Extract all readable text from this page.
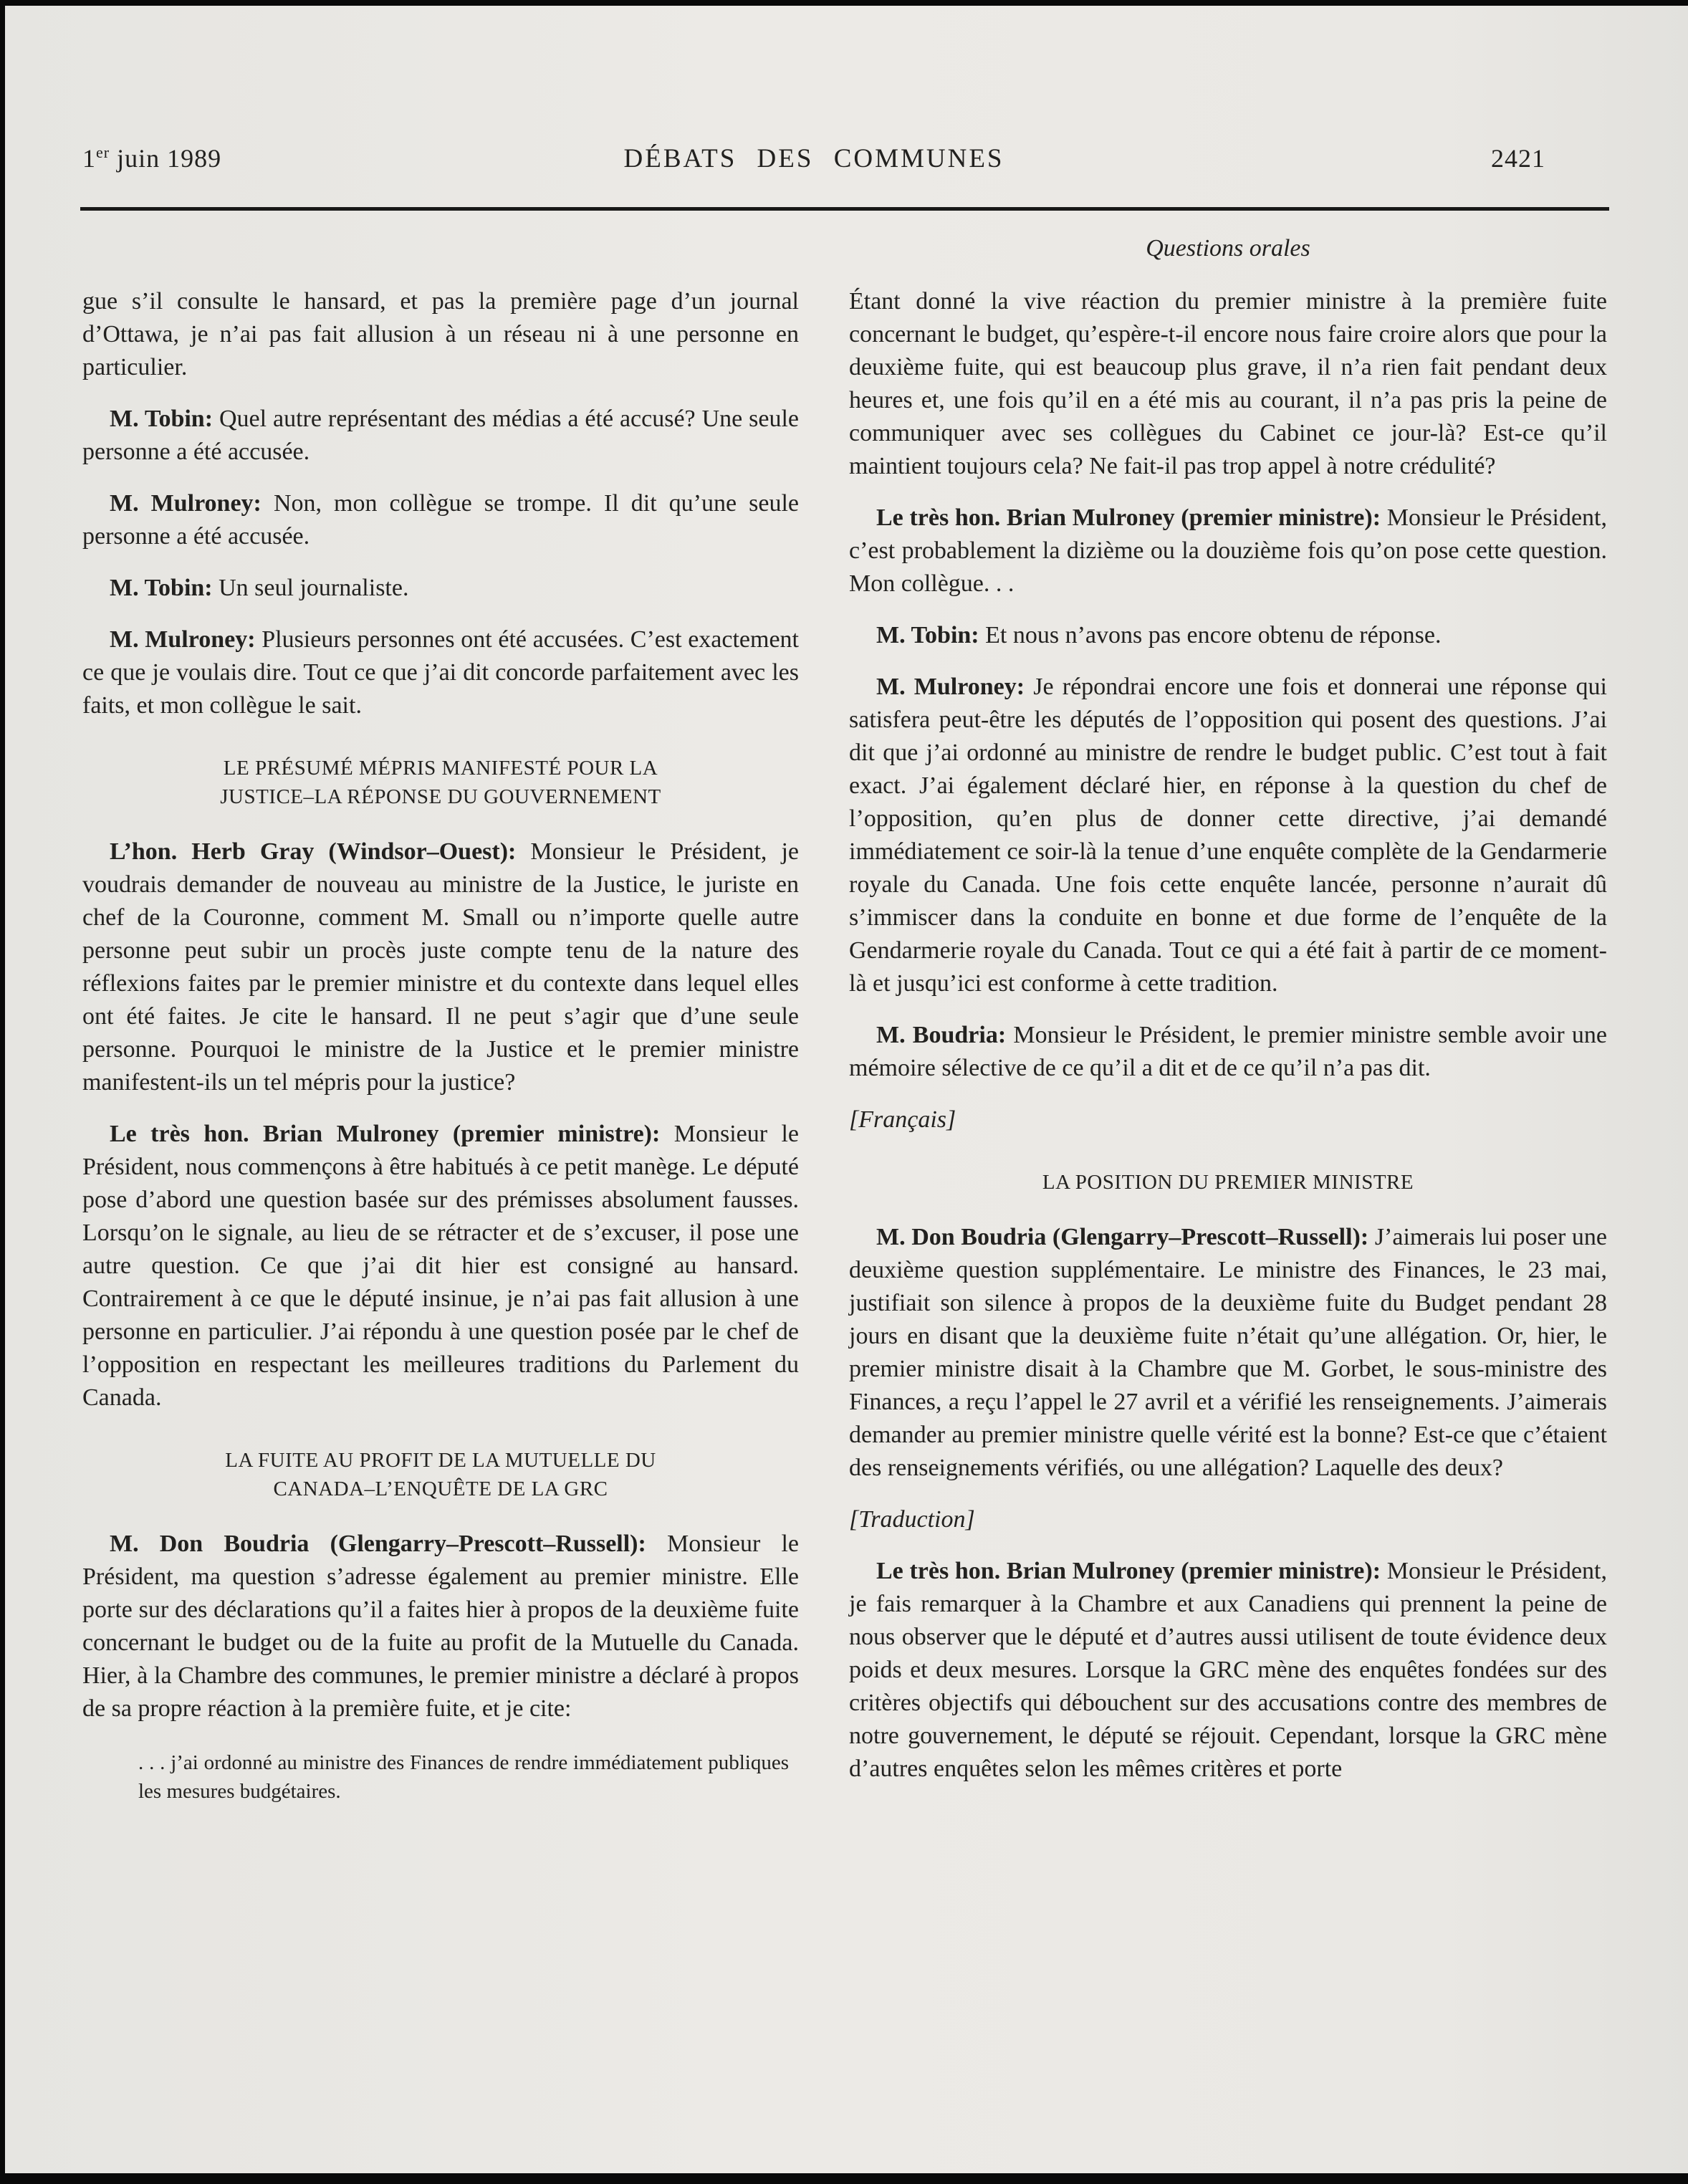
1er juin 1989	DÉBATS DES COMMUNES	2421
Questions orales

gue s’il consulte le hansard, et pas la première page d’un journal d’Ottawa, je n’ai pas fait allusion à un réseau ni à une personne en particulier.

M. Tobin: Quel autre représentant des médias a été accusé? Une seule personne a été accusée.

M. Mulroney: Non, mon collègue se trompe. Il dit qu’une seule personne a été accusée.

M. Tobin: Un seul journaliste.

M. Mulroney: Plusieurs personnes ont été accusées. C’est exactement ce que je voulais dire. Tout ce que j’ai dit concorde parfaitement avec les faits, et mon collègue le sait.

LE PRÉSUMÉ MÉPRIS MANIFESTÉ POUR LA JUSTICE–LA RÉPONSE DU GOUVERNEMENT

L’hon. Herb Gray (Windsor–Ouest): Monsieur le Président, je voudrais demander de nouveau au ministre de la Justice, le juriste en chef de la Couronne, comment M. Small ou n’importe quelle autre personne peut subir un procès juste compte tenu de la nature des réflexions faites par le premier ministre et du contexte dans lequel elles ont été faites. Je cite le hansard. Il ne peut s’agir que d’une seule personne. Pourquoi le ministre de la Justice et le premier ministre manifestent-ils un tel mépris pour la justice?

Le très hon. Brian Mulroney (premier ministre): Monsieur le Président, nous commençons à être habitués à ce petit manège. Le député pose d’abord une question basée sur des prémisses absolument fausses. Lorsqu’on le signale, au lieu de se rétracter et de s’excuser, il pose une autre question. Ce que j’ai dit hier est consigné au hansard. Contrairement à ce que le député insinue, je n’ai pas fait allusion à une personne en particulier. J’ai répondu à une question posée par le chef de l’opposition en respectant les meilleures traditions du Parlement du Canada.

LA FUITE AU PROFIT DE LA MUTUELLE DU CANADA–L’ENQUÊTE DE LA GRC

M. Don Boudria (Glengarry–Prescott–Russell): Monsieur le Président, ma question s’adresse également au premier ministre. Elle porte sur des déclarations qu’il a faites hier à propos de la deuxième fuite concernant le budget ou de la fuite au profit de la Mutuelle du Canada. Hier, à la Chambre des communes, le premier ministre a déclaré à propos de sa propre réaction à la première fuite, et je cite:

. . . j’ai ordonné au ministre des Finances de rendre immédiatement publiques les mesures budgétaires.

Étant donné la vive réaction du premier ministre à la première fuite concernant le budget, qu’espère-t-il encore nous faire croire alors que pour la deuxième fuite, qui est beaucoup plus grave, il n’a rien fait pendant deux heures et, une fois qu’il en a été mis au courant, il n’a pas pris la peine de communiquer avec ses collègues du Cabinet ce jour-là? Est-ce qu’il maintient toujours cela? Ne fait-il pas trop appel à notre crédulité?

Le très hon. Brian Mulroney (premier ministre): Monsieur le Président, c’est probablement la dizième ou la douzième fois qu’on pose cette question. Mon collègue. . .

M. Tobin: Et nous n’avons pas encore obtenu de réponse.

M. Mulroney: Je répondrai encore une fois et donnerai une réponse qui satisfera peut-être les députés de l’opposition qui posent des questions. J’ai dit que j’ai ordonné au ministre de rendre le budget public. C’est tout à fait exact. J’ai également déclaré hier, en réponse à la question du chef de l’opposition, qu’en plus de donner cette directive, j’ai demandé immédiatement ce soir-là la tenue d’une enquête complète de la Gendarmerie royale du Canada. Une fois cette enquête lancée, personne n’aurait dû s’immiscer dans la conduite en bonne et due forme de l’enquête de la Gendarmerie royale du Canada. Tout ce qui a été fait à partir de ce moment-là et jusqu’ici est conforme à cette tradition.

M. Boudria: Monsieur le Président, le premier ministre semble avoir une mémoire sélective de ce qu’il a dit et de ce qu’il n’a pas dit.

[Français]

LA POSITION DU PREMIER MINISTRE

M. Don Boudria (Glengarry–Prescott–Russell): J’aimerais lui poser une deuxième question supplémentaire. Le ministre des Finances, le 23 mai, justifiait son silence à propos de la deuxième fuite du Budget pendant 28 jours en disant que la deuxième fuite n’était qu’une allégation. Or, hier, le premier ministre disait à la Chambre que M. Gorbet, le sous-ministre des Finances, a reçu l’appel le 27 avril et a vérifié les renseignements. J’aimerais demander au premier ministre quelle vérité est la bonne? Est-ce que c’étaient des renseignements vérifiés, ou une allégation? Laquelle des deux?

[Traduction]

Le très hon. Brian Mulroney (premier ministre): Monsieur le Président, je fais remarquer à la Chambre et aux Canadiens qui prennent la peine de nous observer que le député et d’autres aussi utilisent de toute évidence deux poids et deux mesures. Lorsque la GRC mène des enquêtes fondées sur des critères objectifs qui débouchent sur des accusations contre des membres de notre gouvernement, le député se réjouit. Cependant, lorsque la GRC mène d’autres enquêtes selon les mêmes critères et porte
